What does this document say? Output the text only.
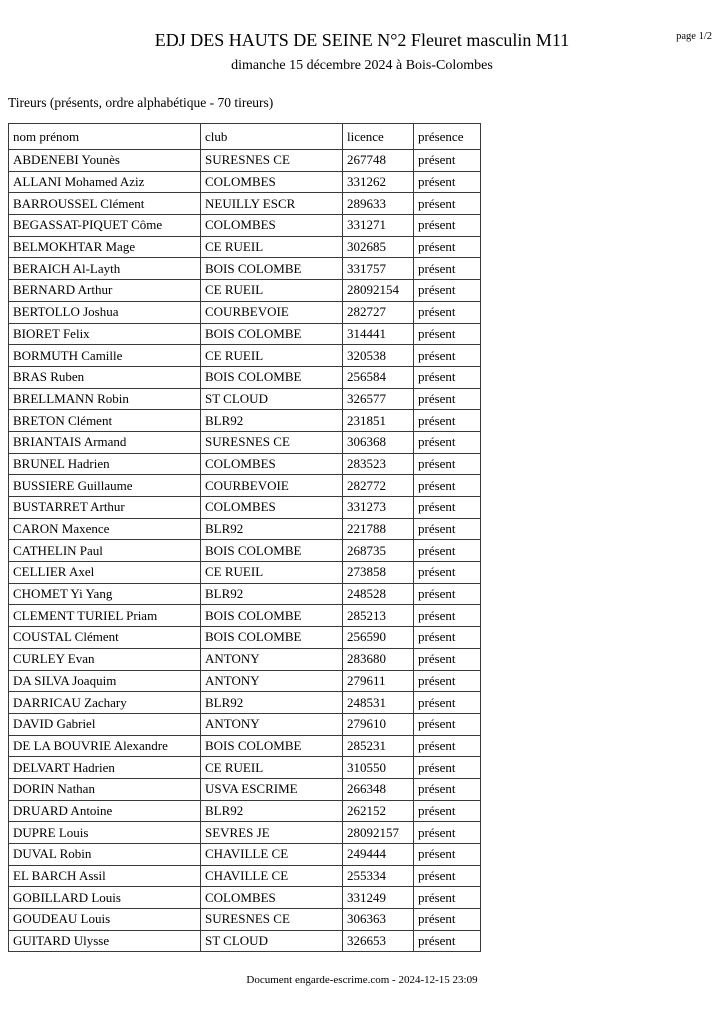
page 1/2
EDJ DES HAUTS DE SEINE N°2 Fleuret masculin M11
dimanche 15 décembre 2024 à Bois-Colombes
Tireurs (présents, ordre alphabétique - 70 tireurs)
nom prénom	club	licence	présence
ABDENEBI Younès	SURESNES CE	267748	présent
ALLANI Mohamed Aziz	COLOMBES	331262	présent
BARROUSSEL Clément	NEUILLY ESCR	289633	présent
BEGASSAT-PIQUET Côme	COLOMBES	331271	présent
BELMOKHTAR Mage	CE RUEIL	302685	présent
BERAICH Al-Layth	BOIS COLOMBE	331757	présent
BERNARD Arthur	CE RUEIL	28092154	présent
BERTOLLO Joshua	COURBEVOIE	282727	présent
BIORET Felix	BOIS COLOMBE	314441	présent
BORMUTH Camille	CE RUEIL	320538	présent
BRAS Ruben	BOIS COLOMBE	256584	présent
BRELLMANN Robin	ST CLOUD	326577	présent
BRETON Clément	BLR92	231851	présent
BRIANTAIS Armand	SURESNES CE	306368	présent
BRUNEL Hadrien	COLOMBES	283523	présent
BUSSIERE Guillaume	COURBEVOIE	282772	présent
BUSTARRET Arthur	COLOMBES	331273	présent
CARON Maxence	BLR92	221788	présent
CATHELIN Paul	BOIS COLOMBE	268735	présent
CELLIER Axel	CE RUEIL	273858	présent
CHOMET Yi Yang	BLR92	248528	présent
CLEMENT TURIEL Priam	BOIS COLOMBE	285213	présent
COUSTAL Clément	BOIS COLOMBE	256590	présent
CURLEY Evan	ANTONY	283680	présent
DA SILVA Joaquim	ANTONY	279611	présent
DARRICAU Zachary	BLR92	248531	présent
DAVID Gabriel	ANTONY	279610	présent
DE LA BOUVRIE Alexandre	BOIS COLOMBE	285231	présent
DELVART Hadrien	CE RUEIL	310550	présent
DORIN Nathan	USVA ESCRIME	266348	présent
DRUARD Antoine	BLR92	262152	présent
DUPRE Louis	SEVRES JE	28092157	présent
DUVAL Robin	CHAVILLE CE	249444	présent
EL BARCH Assil	CHAVILLE CE	255334	présent
GOBILLARD Louis	COLOMBES	331249	présent
GOUDEAU Louis	SURESNES CE	306363	présent
GUITARD Ulysse	ST CLOUD	326653	présent
Document engarde-escrime.com - 2024-12-15 23:09
